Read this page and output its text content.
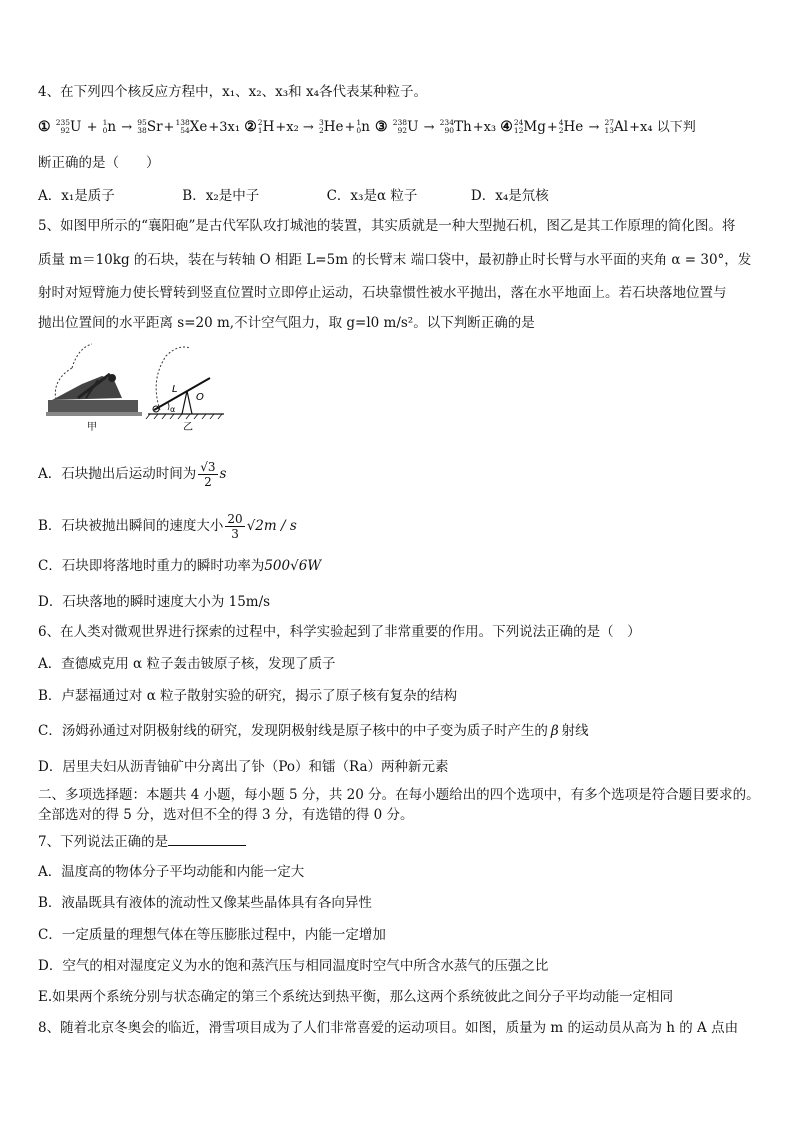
4、在下列四个核反应方程中，x₁、x₂、x₃和 x₄各代表某种粒子。
① 235
92U + 1
0n → 95
38Sr+138
54Xe+3x₁ ②2
1H+x₂ → 3
2He+1
0n ③ 238
92U → 234
90Th+x₃ ④24
12Mg+4
2He → 27
13Al+x₄ 以下判
断正确的是（　　）
A．x₁是质子	B．x₂是中子	C．x₃是α 粒子	D．x₄是氘核
5、如图甲所示的“襄阳砲”是古代军队攻打城池的装置，其实质就是一种大型抛石机，图乙是其工作原理的简化图。将
质量 m＝10kg 的石块，装在与转轴 O 相距 L=5m 的长臂末 端口袋中，最初静止时长臂与水平面的夹角 α = 30°，发
射时对短臂施力使长臂转到竖直位置时立即停止运动，石块靠惯性被水平抛出，落在水平地面上。若石块落地位置与
抛出位置间的水平距离 s=20 m,不计空气阻力，取 g=l0 m/s²。以下判断正确的是
甲
L
O
α
乙
A．石块抛出后运动时间为 $\frac{√3}{2}$ s
B．石块被抛出瞬间的速度大小 $\frac{20}{3} √2m$ / s
C．石块即将落地时重力的瞬时功率为500√6W
D．石块落地的瞬时速度大小为 15m/s
6、在人类对微观世界进行探索的过程中，科学实验起到了非常重要的作用。下列说法正确的是（　）
A．查德威克用 α 粒子轰击铍原子核，发现了质子
B．卢瑟福通过对 α 粒子散射实验的研究，揭示了原子核有复杂的结构
C．汤姆孙通过对阴极射线的研究，发现阴极射线是原子核中的中子变为质子时产生的 β 射线
D．居里夫妇从沥青铀矿中分离出了钋（Po）和镭（Ra）两种新元素
二、多项选择题：本题共 4 小题，每小题 5 分，共 20 分。在每小题给出的四个选项中，有多个选项是符合题目要求的。
全部选对的得 5 分，选对但不全的得 3 分，有选错的得 0 分。
7、下列说法正确的是
A．温度高的物体分子平均动能和内能一定大
B．液晶既具有液体的流动性又像某些晶体具有各向异性
C．一定质量的理想气体在等压膨胀过程中，内能一定增加
D．空气的相对湿度定义为水的饱和蒸汽压与相同温度时空气中所含水蒸气的压强之比
E.如果两个系统分别与状态确定的第三个系统达到热平衡，那么这两个系统彼此之间分子平均动能一定相同
8、随着北京冬奥会的临近，滑雪项目成为了人们非常喜爱的运动项目。如图，质量为 m 的运动员从高为 h 的 A 点由
